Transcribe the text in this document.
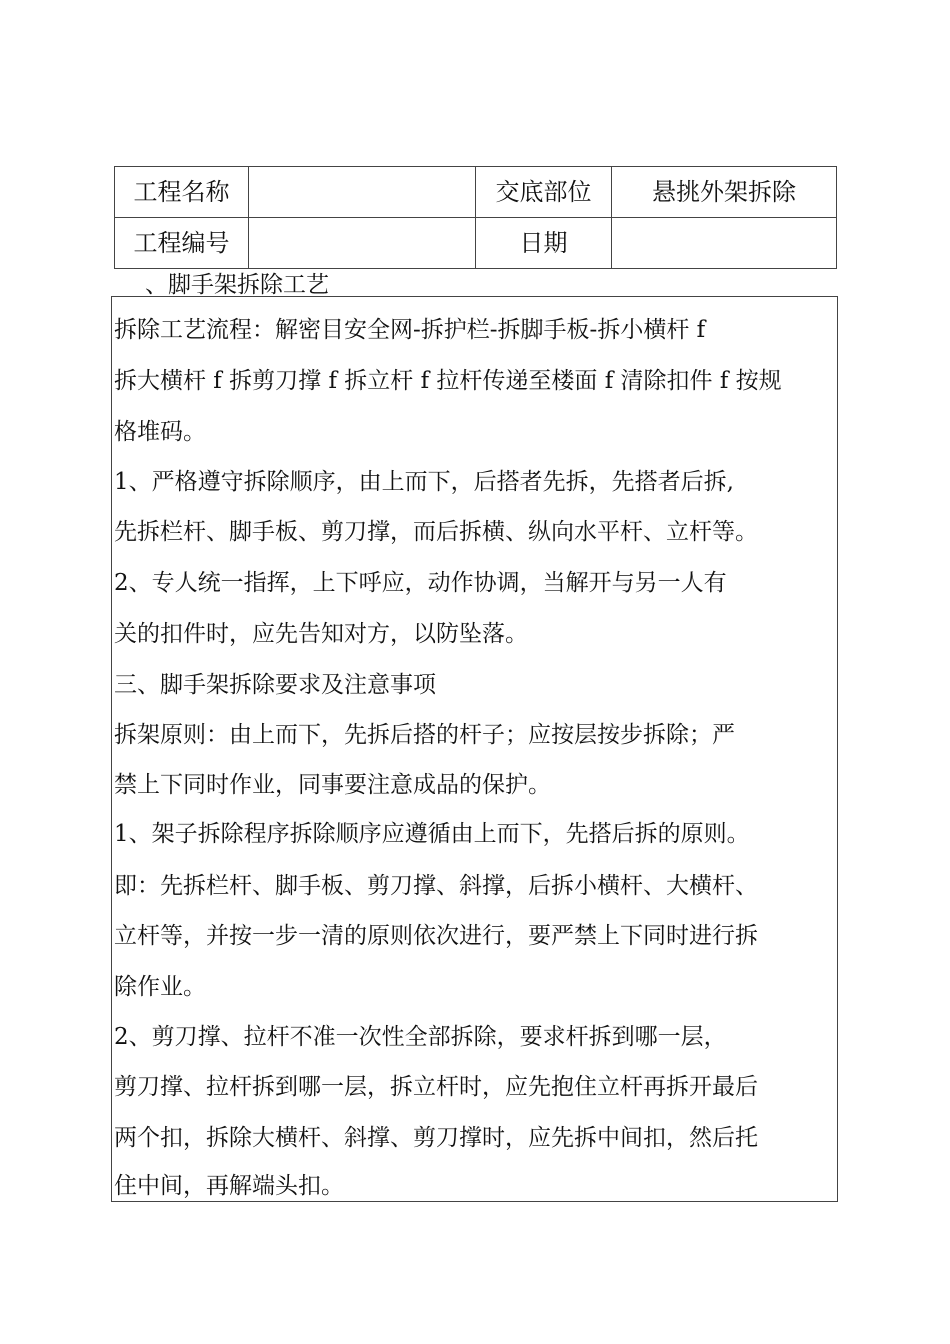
工程名称		交底部位	悬挑外架拆除
工程编号		日期	
、脚手架拆除工艺
拆除工艺流程：解密目安全网-拆护栏-拆脚手板-拆小横杆 f
拆大横杆 f 拆剪刀撑 f 拆立杆 f 拉杆传递至楼面 f 清除扣件 f 按规
格堆码。
1、严格遵守拆除顺序，由上而下，后搭者先拆，先搭者后拆,
先拆栏杆、脚手板、剪刀撑，而后拆横、纵向水平杆、立杆等。
2、专人统一指挥，上下呼应，动作协调，当解开与另一人有
关的扣件时，应先告知对方，以防坠落。
三、脚手架拆除要求及注意事项
拆架原则：由上而下，先拆后搭的杆子；应按层按步拆除；严
禁上下同时作业，同事要注意成品的保护。
1、架子拆除程序拆除顺序应遵循由上而下，先搭后拆的原则。
即：先拆栏杆、脚手板、剪刀撑、斜撑，后拆小横杆、大横杆、
立杆等，并按一步一清的原则依次进行，要严禁上下同时进行拆
除作业。
2、剪刀撑、拉杆不准一次性全部拆除，要求杆拆到哪一层，
剪刀撑、拉杆拆到哪一层，拆立杆时，应先抱住立杆再拆开最后
两个扣，拆除大横杆、斜撑、剪刀撑时，应先拆中间扣，然后托
住中间，再解端头扣。
